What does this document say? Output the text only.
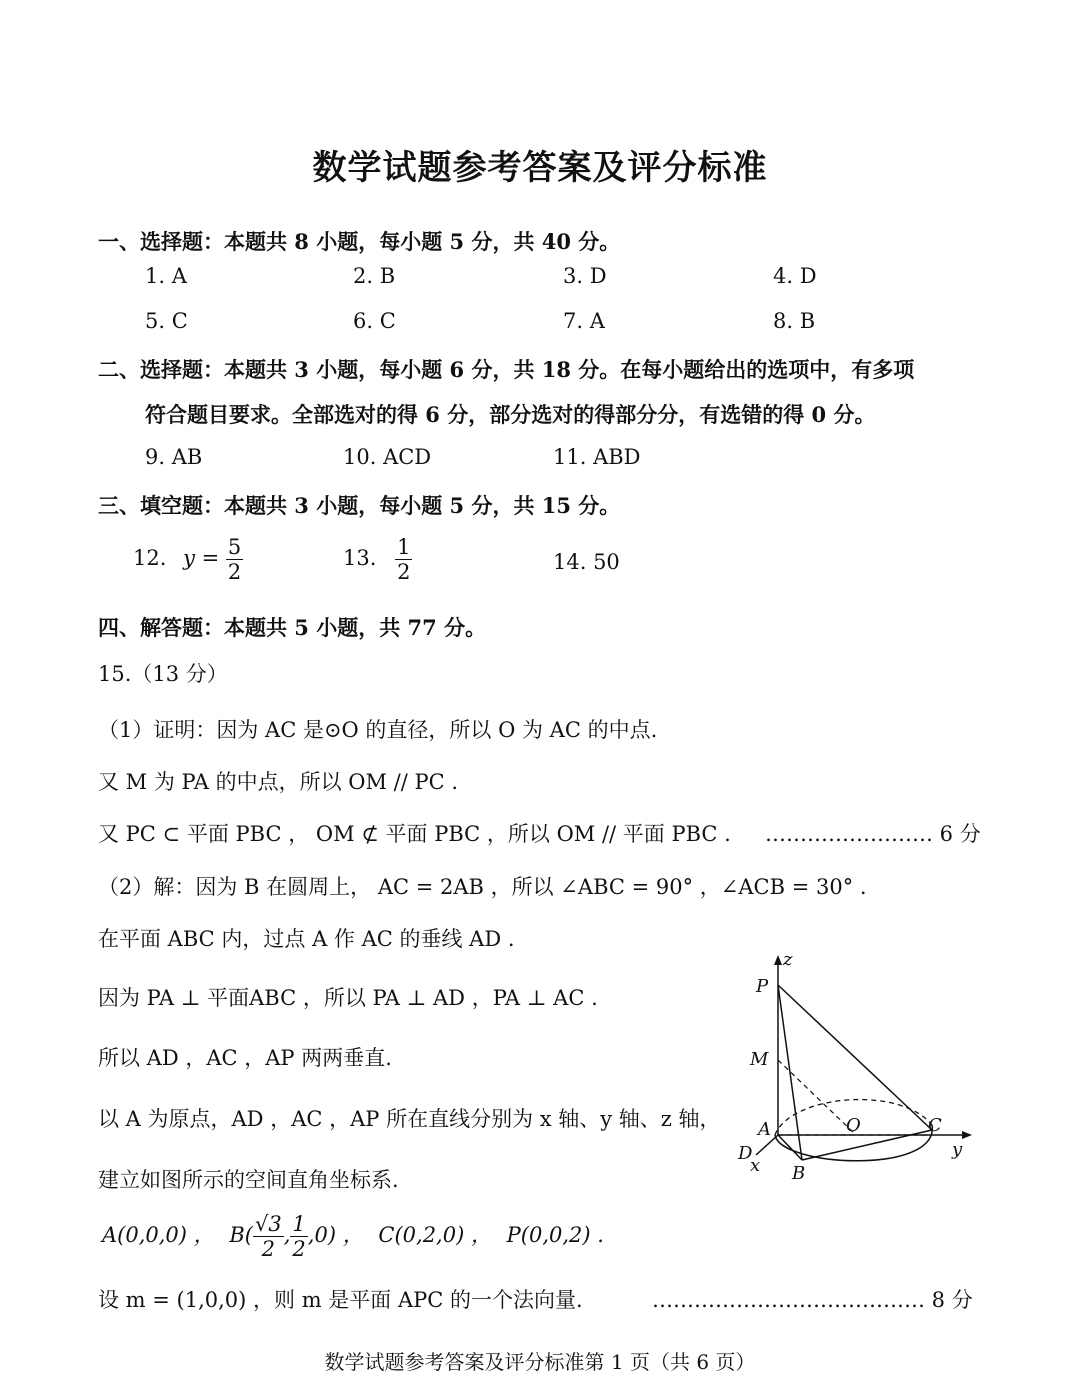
数学试题参考答案及评分标准
一、选择题：本题共 8 小题，每小题 5 分，共 40 分。
1. A	2. B	3. D	4. D
5. C	6. C	7. A	8. B
二、选择题：本题共 3 小题，每小题 6 分，共 18 分。在每小题给出的选项中，有多项
符合题目要求。全部选对的得 6 分，部分选对的得部分分，有选错的得 0 分。
9. AB	10. ACD	11. ABD
三、填空题：本题共 3 小题，每小题 5 分，共 15 分。
12. $y = \frac{5}{2}$	13. $\frac{1}{2}$	14. 50
四、解答题：本题共 5 小题，共 77 分。
15.（13 分）
（1）证明：因为 AC 是⊙O 的直径，所以 O 为 AC 的中点.
又 M 为 PA 的中点，所以 OM // PC .
又 PC ⊂ 平面 PBC ， OM ⊄ 平面 PBC ，所以 OM // 平面 PBC . …………………… 6 分
（2）解：因为 B 在圆周上， AC = 2AB ，所以 ∠ABC = 90° ，∠ACB = 30° .
在平面 ABC 内，过点 A 作 AC 的垂线 AD .
因为 PA ⊥ 平面ABC ，所以 PA ⊥ AD ，PA ⊥ AC .
所以 AD ，AC ，AP 两两垂直.
以 A 为原点，AD ，AC ，AP 所在直线分别为 x 轴、y 轴、z 轴，
建立如图所示的空间直角坐标系.
A(0,0,0) ， $B( \frac{√3}{2}$ , $\frac{1}{2} ,0$) ， C(0,2,0) ， P(0,0,2) .
设 m = (1,0,0) ，则 m 是平面 APC 的一个法向量.	………………………………… 8 分
z
P
M
A	O	C
y
D
x B
数学试题参考答案及评分标准第 1 页（共 6 页）
